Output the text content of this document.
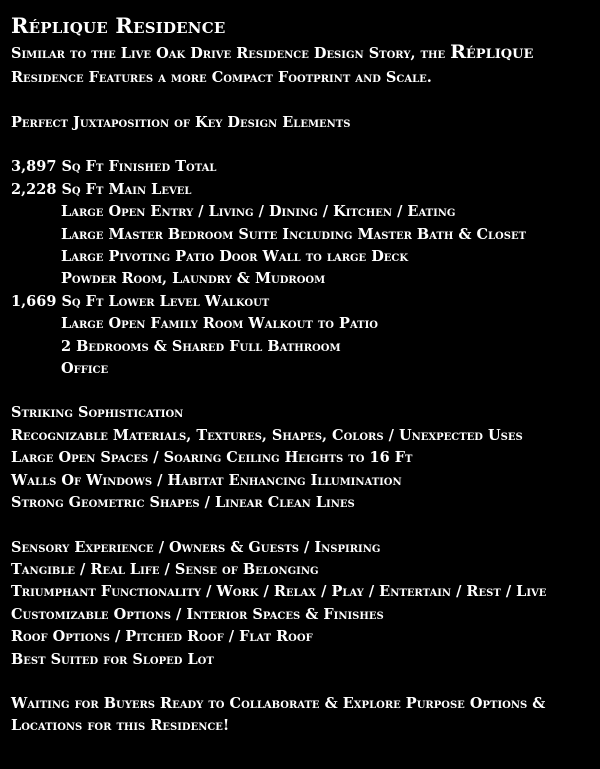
Réplique Residence

Similar to the Live Oak Drive Residence Design Story, the Réplique Residence Features a more Compact Footprint and Scale.

Perfect Juxtaposition of Key Design Elements

3,897 Sq Ft Finished Total

2,228 Sq Ft Main Level

Large Open Entry / Living / Dining / Kitchen / Eating

Large Master Bedroom Suite Including Master Bath & Closet

Large Pivoting Patio Door Wall to large Deck

Powder Room, Laundry & Mudroom

1,669 Sq Ft Lower Level Walkout

Large Open Family Room Walkout to Patio

2 Bedrooms & Shared Full Bathroom

Office

Striking Sophistication

Recognizable Materials, Textures, Shapes, Colors / Unexpected Uses

Large Open Spaces / Soaring Ceiling Heights to 16 Ft

Walls Of Windows / Habitat Enhancing Illumination

Strong Geometric Shapes / Linear Clean Lines

Sensory Experience / Owners & Guests / Inspiring

Tangible / Real Life / Sense of Belonging

Triumphant Functionality / Work / Relax / Play / Entertain / Rest / Live

Customizable Options / Interior Spaces & Finishes

Roof Options / Pitched Roof / Flat Roof

Best Suited for Sloped Lot

Waiting for Buyers Ready to Collaborate & Explore Purpose Options & Locations for this Residence!
